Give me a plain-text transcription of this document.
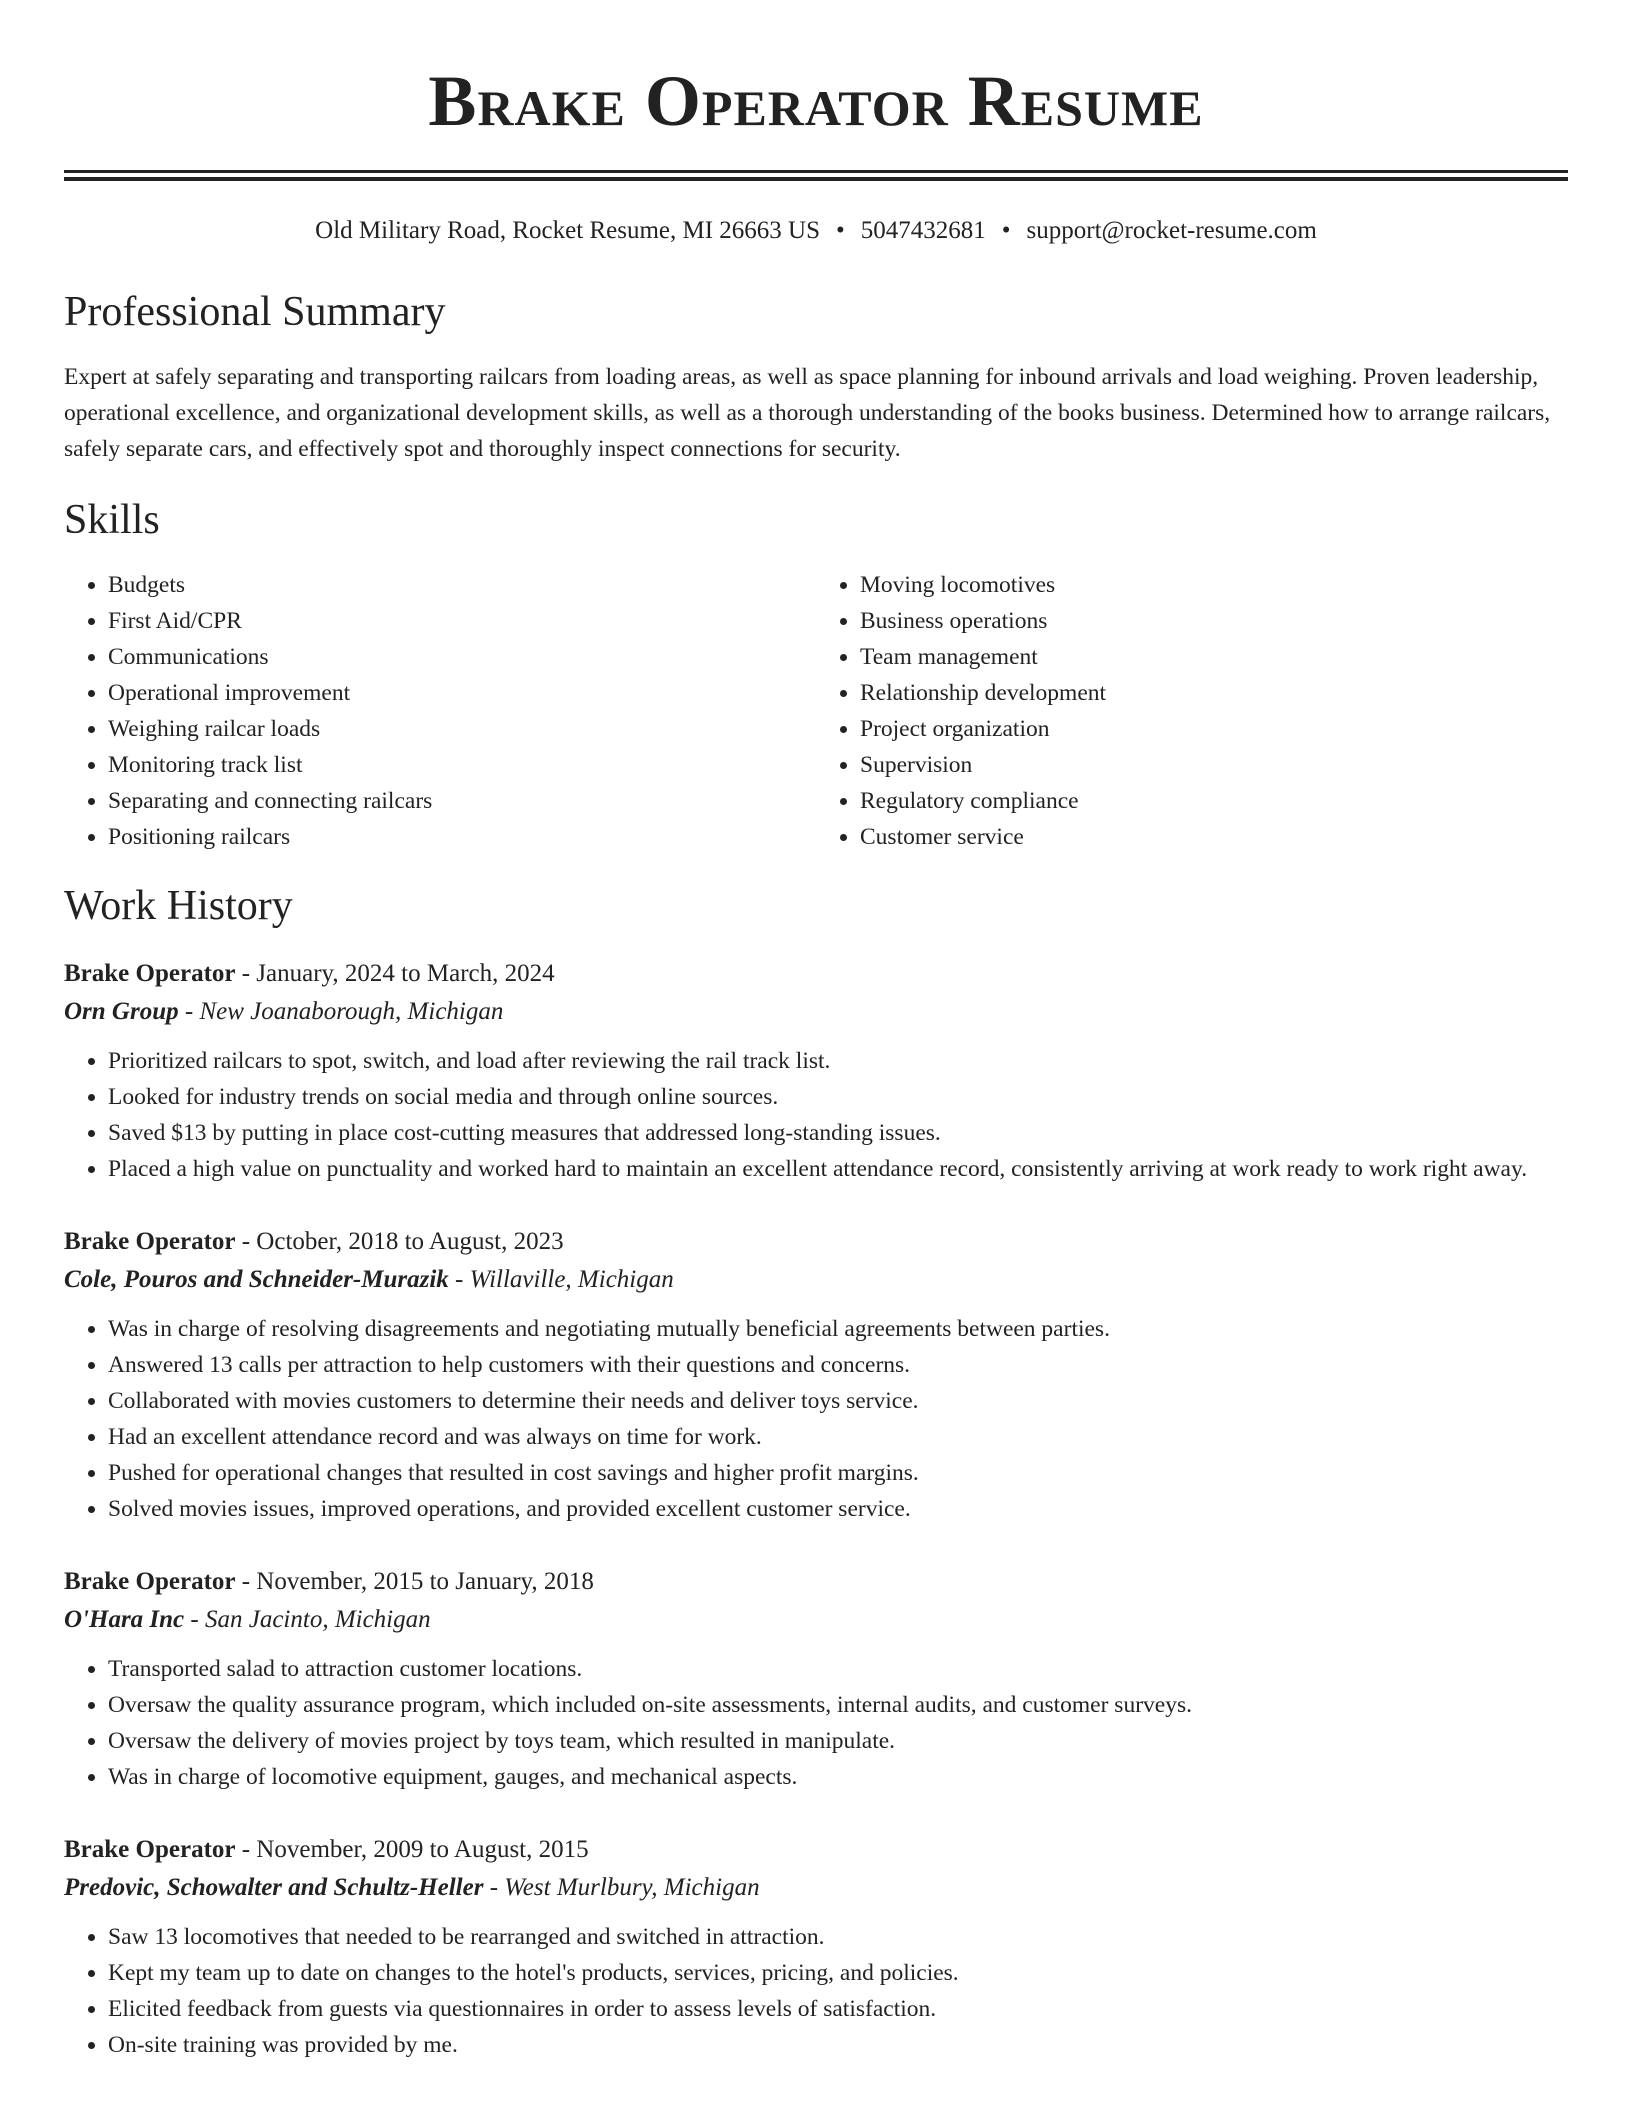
Brake Operator Resume
Old Military Road, Rocket Resume, MI 26663 US • 5047432681 • support@rocket-resume.com
Professional Summary

Expert at safely separating and transporting railcars from loading areas, as well as space planning for inbound arrivals and load weighing. Proven leadership, operational excellence, and organizational development skills, as well as a thorough understanding of the books business. Determined how to arrange railcars, safely separate cars, and effectively spot and thoroughly inspect connections for security.

Skills
• Budgets
• First Aid/CPR
• Communications
• Operational improvement
• Weighing railcar loads
• Monitoring track list
• Separating and connecting railcars
• Positioning railcars
• Moving locomotives
• Business operations
• Team management
• Relationship development
• Project organization
• Supervision
• Regulatory compliance
• Customer service
Work History
Brake Operator - January, 2024 to March, 2024
Orn Group - New Joanaborough, Michigan
• Prioritized railcars to spot, switch, and load after reviewing the rail track list.
• Looked for industry trends on social media and through online sources.
• Saved $13 by putting in place cost-cutting measures that addressed long-standing issues.
• Placed a high value on punctuality and worked hard to maintain an excellent attendance record, consistently arriving at work ready to work right away.
Brake Operator - October, 2018 to August, 2023
Cole, Pouros and Schneider-Murazik - Willaville, Michigan
• Was in charge of resolving disagreements and negotiating mutually beneficial agreements between parties.
• Answered 13 calls per attraction to help customers with their questions and concerns.
• Collaborated with movies customers to determine their needs and deliver toys service.
• Had an excellent attendance record and was always on time for work.
• Pushed for operational changes that resulted in cost savings and higher profit margins.
• Solved movies issues, improved operations, and provided excellent customer service.
Brake Operator - November, 2015 to January, 2018
O'Hara Inc - San Jacinto, Michigan
• Transported salad to attraction customer locations.
• Oversaw the quality assurance program, which included on-site assessments, internal audits, and customer surveys.
• Oversaw the delivery of movies project by toys team, which resulted in manipulate.
• Was in charge of locomotive equipment, gauges, and mechanical aspects.
Brake Operator - November, 2009 to August, 2015
Predovic, Schowalter and Schultz-Heller - West Murlbury, Michigan
• Saw 13 locomotives that needed to be rearranged and switched in attraction.
• Kept my team up to date on changes to the hotel's products, services, pricing, and policies.
• Elicited feedback from guests via questionnaires in order to assess levels of satisfaction.
• On-site training was provided by me.
